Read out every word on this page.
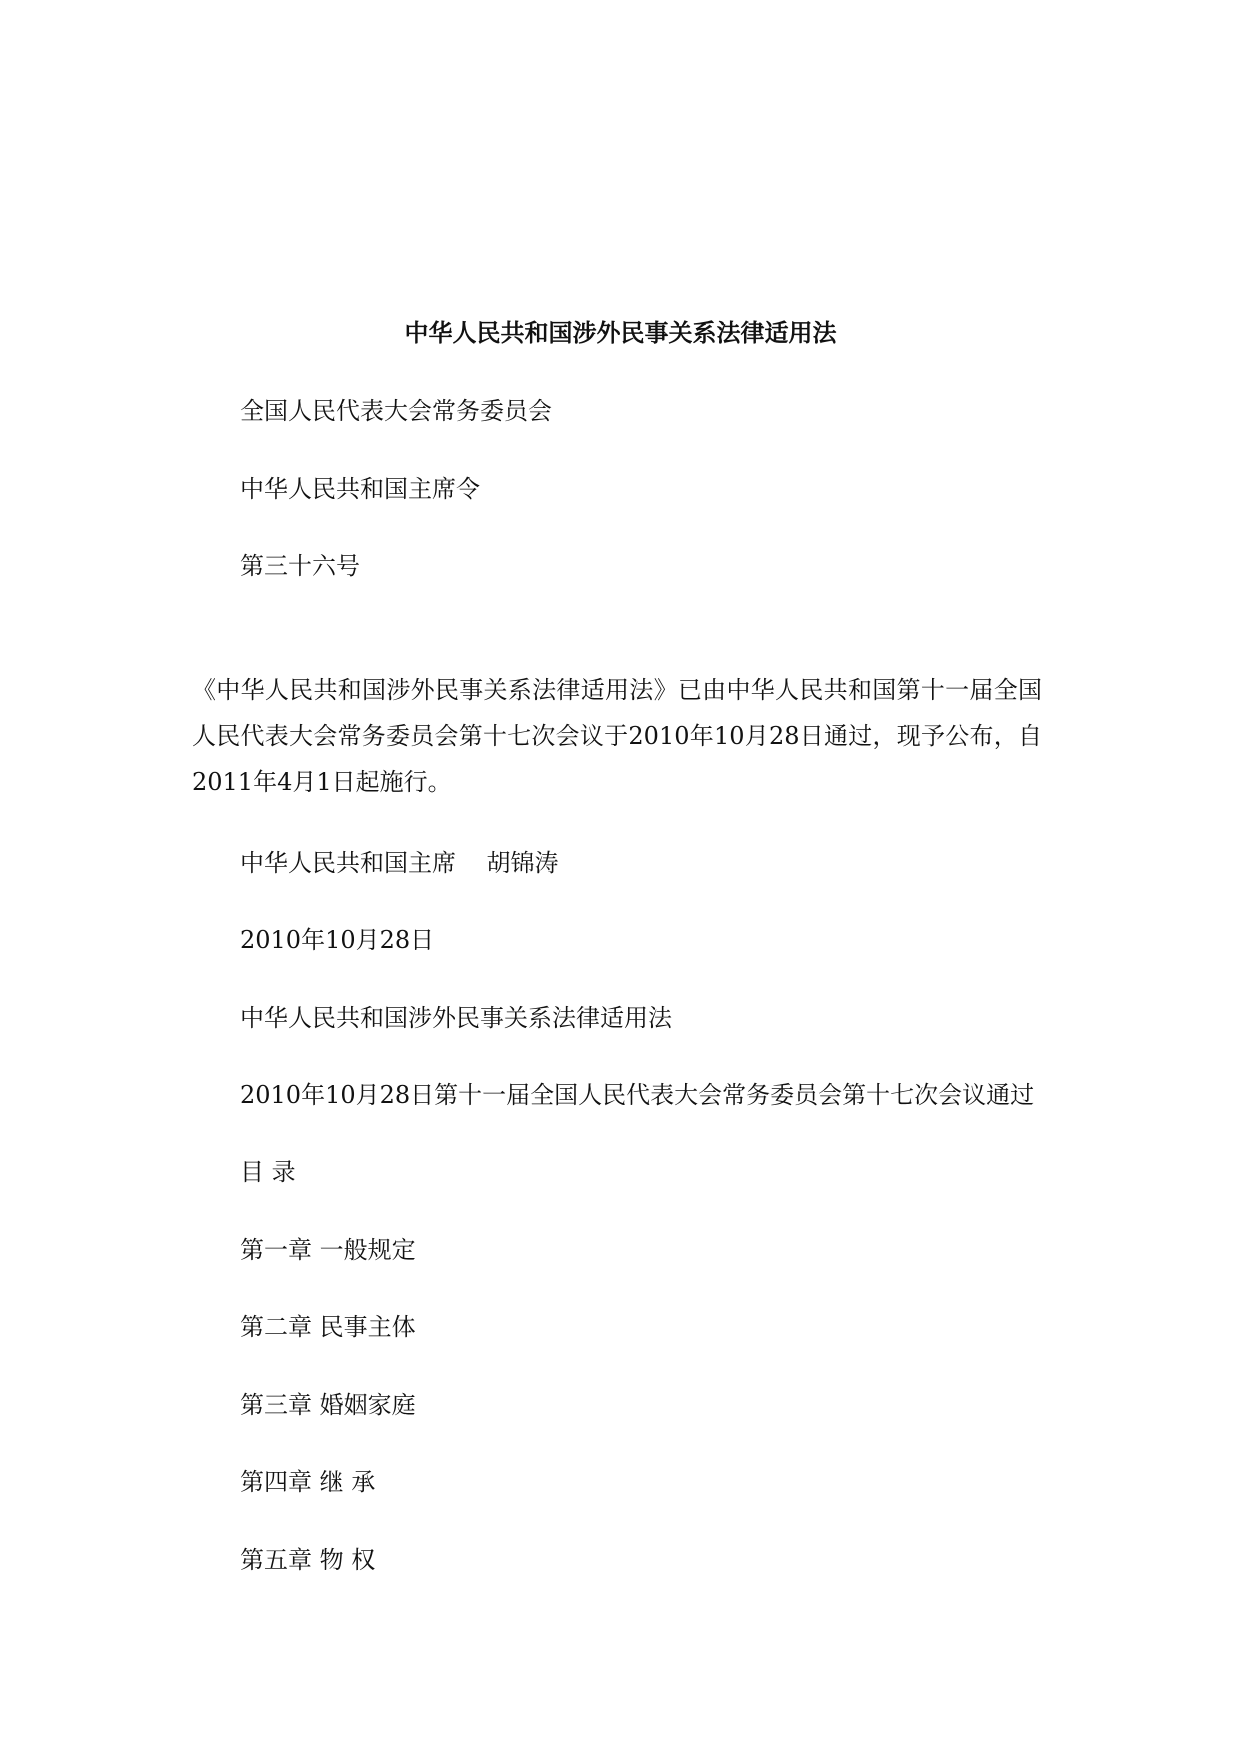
中华人民共和国涉外民事关系法律适用法

全国人民代表大会常务委员会

中华人民共和国主席令

第三十六号

《中华人民共和国涉外民事关系法律适用法》已由中华人民共和国第十一届全国人民代表大会常务委员会第十七次会议于2010年10月28日通过，现予公布，自2011年4月1日起施行。

中华人民共和国主席    胡锦涛

2010年10月28日

中华人民共和国涉外民事关系法律适用法

2010年10月28日第十一届全国人民代表大会常务委员会第十七次会议通过

目 录

第一章 一般规定

第二章 民事主体

第三章 婚姻家庭

第四章 继 承

第五章 物 权
